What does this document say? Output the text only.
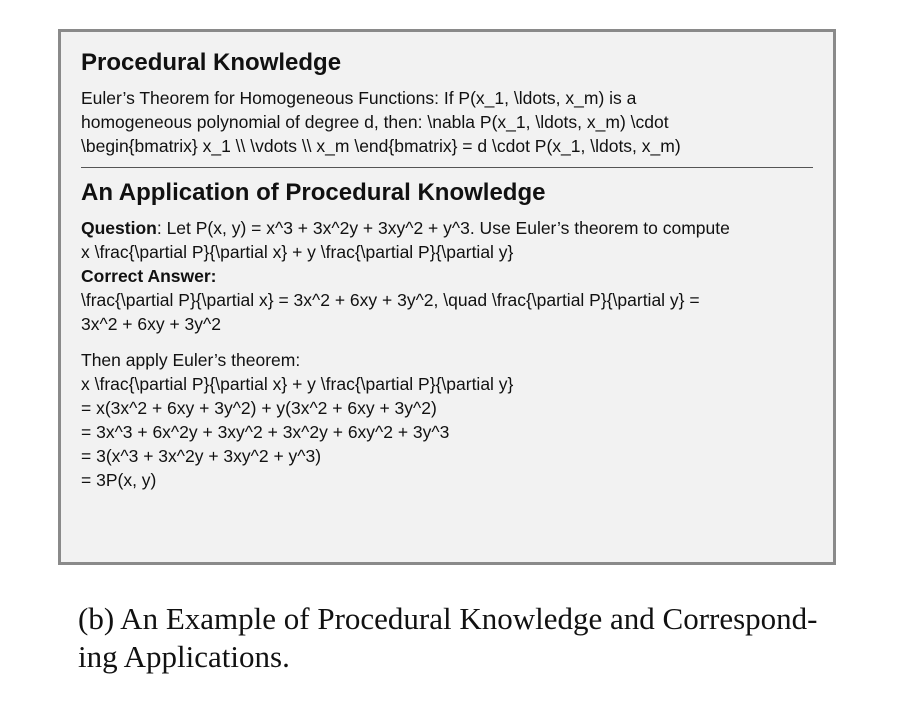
Procedural Knowledge

Euler’s Theorem for Homogeneous Functions: If P(x_1, \ldots, x_m) is a

homogeneous polynomial of degree d, then: \nabla P(x_1, \ldots, x_m) \cdot

\begin{bmatrix} x_1 \\ \vdots \\ x_m \end{bmatrix} = d \cdot P(x_1, \ldots, x_m)

An Application of Procedural Knowledge

Question: Let P(x, y) = x^3 + 3x^2y + 3xy^2 + y^3. Use Euler’s theorem to compute

x \frac{\partial P}{\partial x} + y \frac{\partial P}{\partial y}

Correct Answer:

\frac{\partial P}{\partial x} = 3x^2 + 6xy + 3y^2, \quad \frac{\partial P}{\partial y} =

3x^2 + 6xy + 3y^2

Then apply Euler’s theorem:

x \frac{\partial P}{\partial x} + y \frac{\partial P}{\partial y}

= x(3x^2 + 6xy + 3y^2) + y(3x^2 + 6xy + 3y^2)

= 3x^3 + 6x^2y + 3xy^2 + 3x^2y + 6xy^2 + 3y^3

= 3(x^3 + 3x^2y + 3xy^2 + y^3)

= 3P(x, y)

(b) An Example of Procedural Knowledge and Correspond-
ing Applications.
